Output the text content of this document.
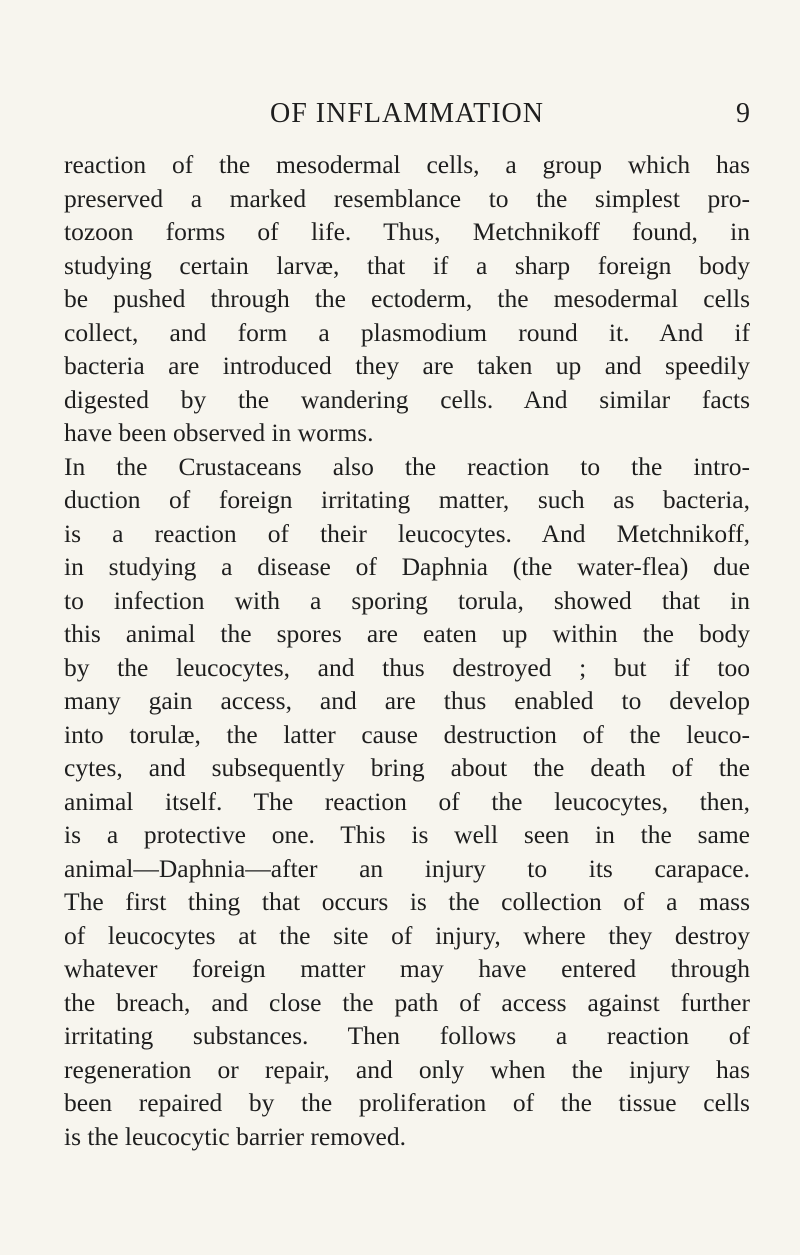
OF INFLAMMATION	9
reaction of the mesodermal cells, a group which has
preserved a marked resemblance to the simplest pro-
tozoon forms of life. Thus, Metchnikoff found, in
studying certain larvæ, that if a sharp foreign body
be pushed through the ectoderm, the mesodermal cells
collect, and form a plasmodium round it. And if
bacteria are introduced they are taken up and speedily
digested by the wandering cells. And similar facts
have been observed in worms.
In the Crustaceans also the reaction to the intro-
duction of foreign irritating matter, such as bacteria,
is a reaction of their leucocytes. And Metchnikoff,
in studying a disease of Daphnia (the water-flea) due
to infection with a sporing torula, showed that in
this animal the spores are eaten up within the body
by the leucocytes, and thus destroyed ; but if too
many gain access, and are thus enabled to develop
into torulæ, the latter cause destruction of the leuco-
cytes, and subsequently bring about the death of the
animal itself. The reaction of the leucocytes, then,
is a protective one. This is well seen in the same
animal—Daphnia—after an injury to its carapace.
The first thing that occurs is the collection of a mass
of leucocytes at the site of injury, where they destroy
whatever foreign matter may have entered through
the breach, and close the path of access against further
irritating substances. Then follows a reaction of
regeneration or repair, and only when the injury has
been repaired by the proliferation of the tissue cells
is the leucocytic barrier removed.
